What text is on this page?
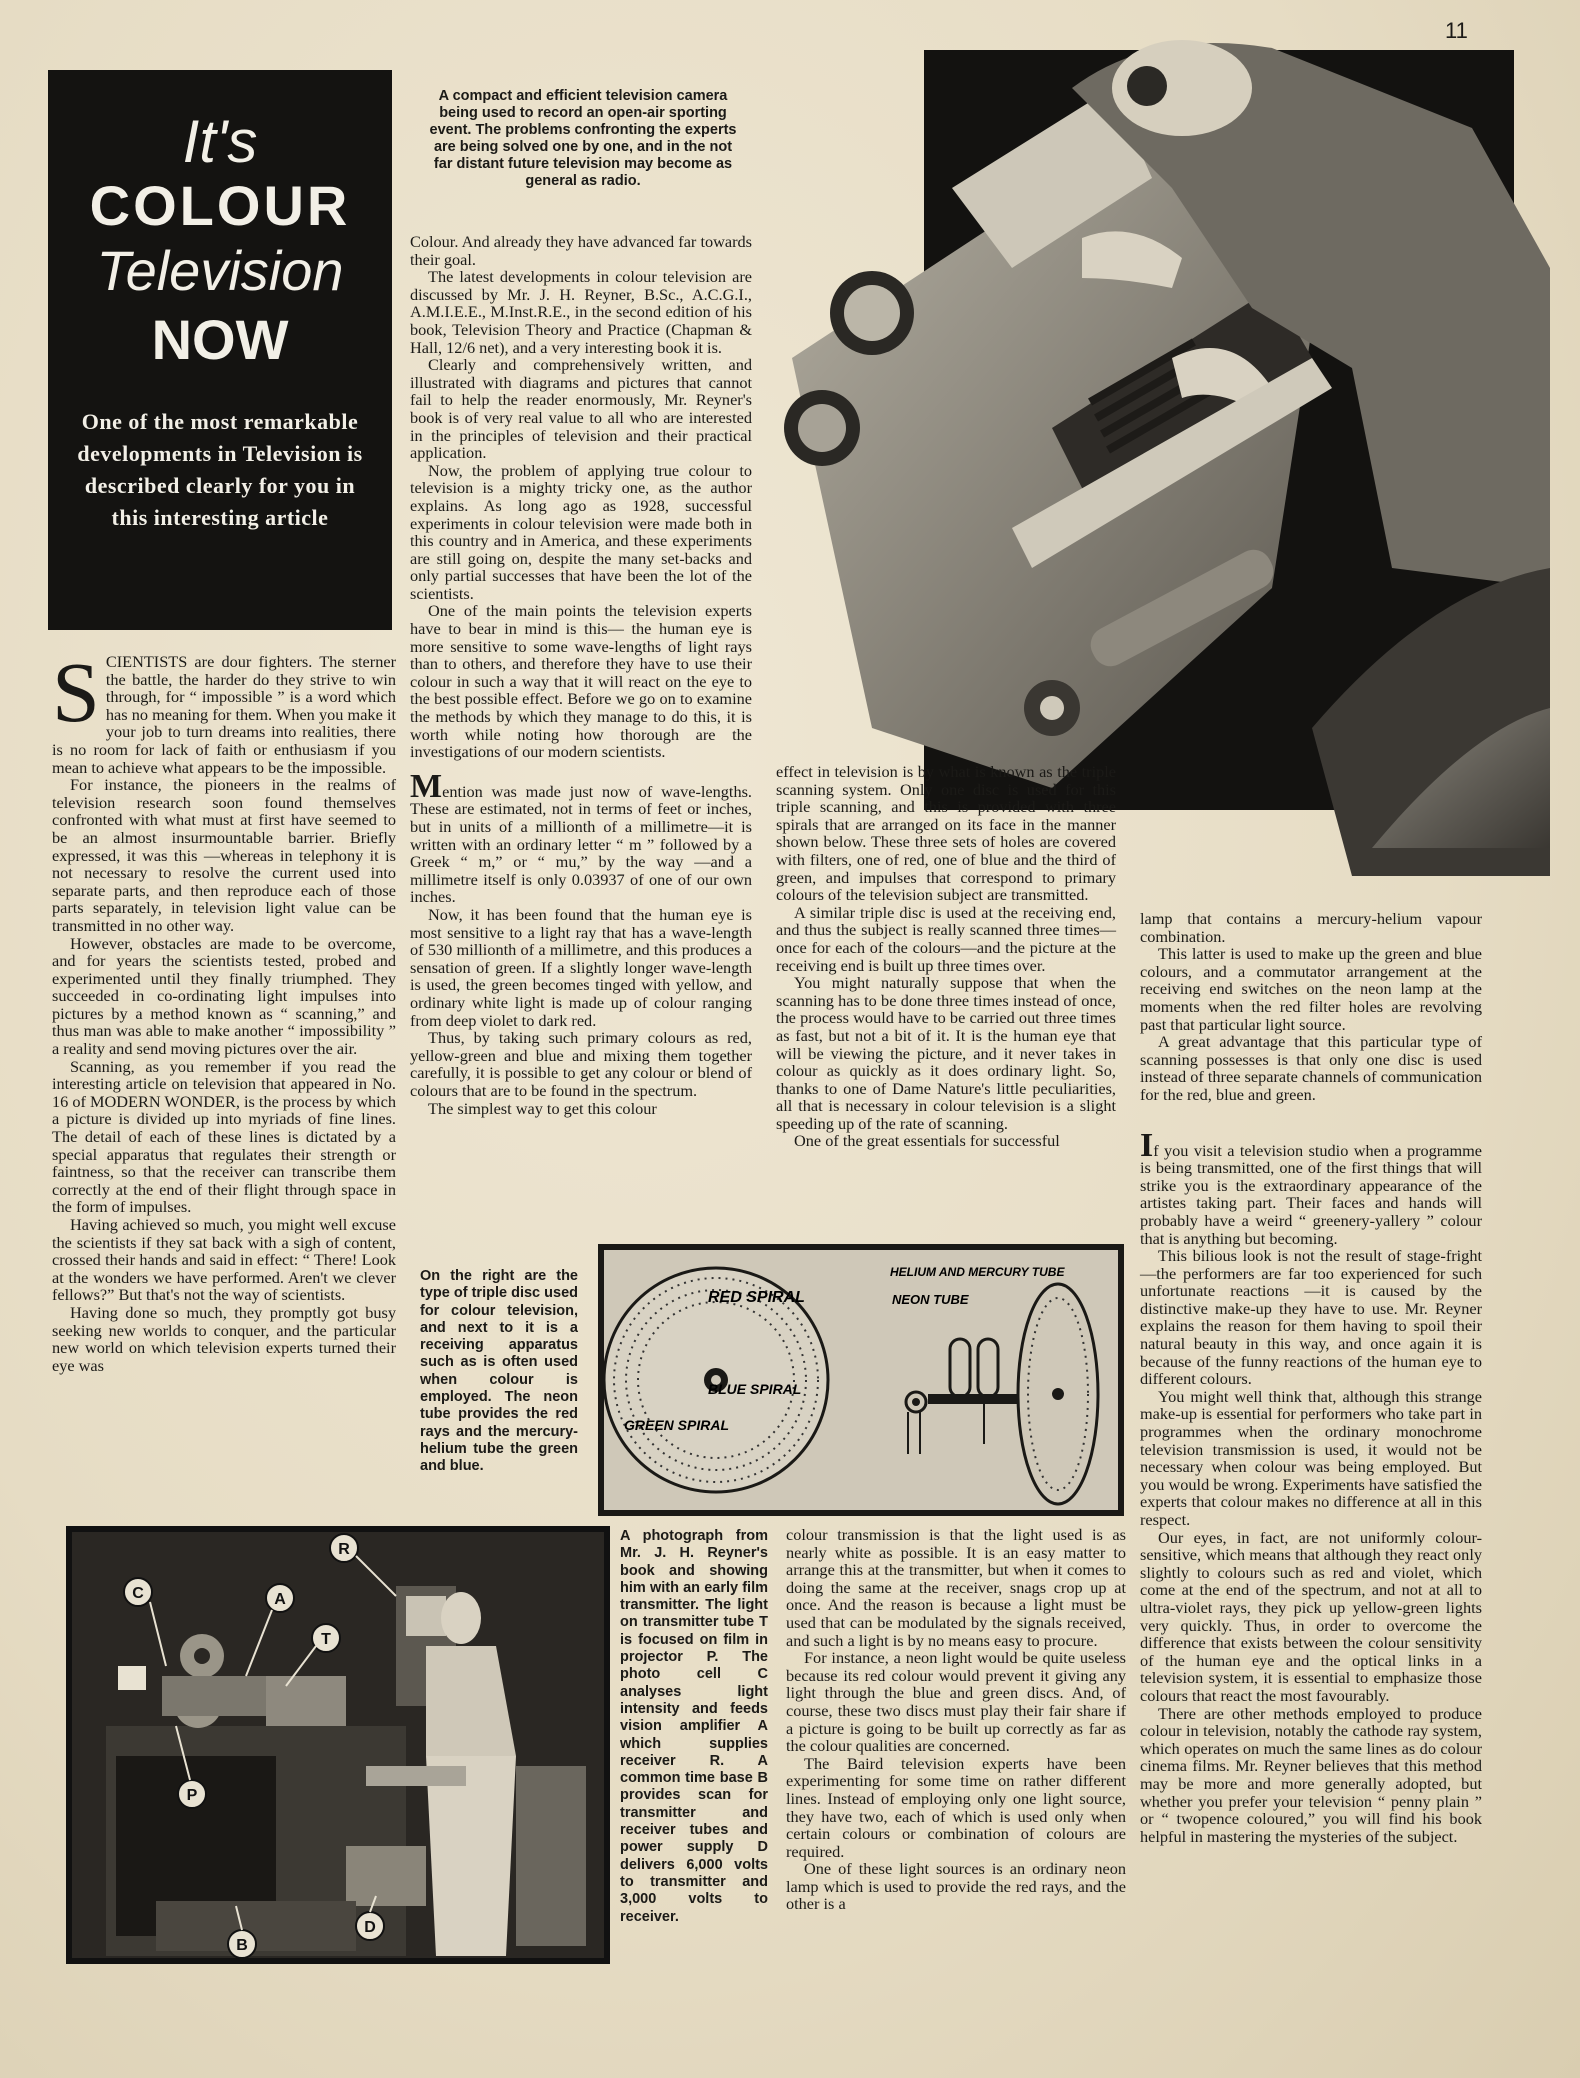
11
It's
COLOUR
Television
NOW
One of the most remarkable developments in Television is described clearly for you in this interesting article
A compact and efficient television camera being used to record an open-air sporting event. The problems confronting the experts are being solved one by one, and in the not far distant future television may become as general as radio.

SCIENTISTS are dour fighters. The sterner the battle, the harder do they strive to win through, for “ impossible ” is a word which has no meaning for them. When you make it your job to turn dreams into realities, there is no room for lack of faith or enthusiasm if you mean to achieve what appears to be the impossible.

For instance, the pioneers in the realms of television research soon found themselves confronted with what must at first have seemed to be an almost insurmountable barrier. Briefly expressed, it was this —whereas in telephony it is not necessary to resolve the current used into separate parts, and then reproduce each of those parts separately, in television light value can be transmitted in no other way.

However, obstacles are made to be overcome, and for years the scientists tested, probed and experimented until they finally triumphed. They succeeded in co-ordinating light impulses into pictures by a method known as “ scanning,” and thus man was able to make another “ impossibility ” a reality and send moving pictures over the air.

Scanning, as you remember if you read the interesting article on television that appeared in No. 16 of MODERN WONDER, is the process by which a picture is divided up into myriads of fine lines. The detail of each of these lines is dictated by a special apparatus that regulates their strength or faintness, so that the receiver can transcribe them correctly at the end of their flight through space in the form of impulses.

Having achieved so much, you might well excuse the scientists if they sat back with a sigh of content, crossed their hands and said in effect: “ There! Look at the wonders we have performed. Aren't we clever fellows?” But that's not the way of scientists.

Having done so much, they promptly got busy seeking new worlds to conquer, and the particular new world on which television experts turned their eye was

Colour. And already they have advanced far towards their goal.

The latest developments in colour television are discussed by Mr. J. H. Reyner, B.Sc., A.C.G.I., A.M.I.E.E., M.Inst.R.E., in the second edition of his book, Television Theory and Practice (Chapman & Hall, 12/6 net), and a very interesting book it is.

Clearly and comprehensively written, and illustrated with diagrams and pictures that cannot fail to help the reader enormously, Mr. Reyner's book is of very real value to all who are interested in the principles of television and their practical application.

Now, the problem of applying true colour to television is a mighty tricky one, as the author explains. As long ago as 1928, successful experiments in colour television were made both in this country and in America, and these experiments are still going on, despite the many set-backs and only partial successes that have been the lot of the scientists.

One of the main points the television experts have to bear in mind is this— the human eye is more sensitive to some wave-lengths of light rays than to others, and therefore they have to use their colour in such a way that it will react on the eye to the best possible effect. Before we go on to examine the methods by which they manage to do this, it is worth while noting how thorough are the investigations of our modern scientists.

Mention was made just now of wave-lengths. These are estimated, not in terms of feet or inches, but in units of a millionth of a millimetre—it is written with an ordinary letter “ m ” followed by a Greek “ m,” or “ mu,” by the way —and a millimetre itself is only 0.03937 of one of our own inches.

Now, it has been found that the human eye is most sensitive to a light ray that has a wave-length of 530 millionth of a millimetre, and this produces a sensation of green. If a slightly longer wave-length is used, the green becomes tinged with yellow, and ordinary white light is made up of colour ranging from deep violet to dark red.

Thus, by taking such primary colours as red, yellow-green and blue and mixing them together carefully, it is possible to get any colour or blend of colours that are to be found in the spectrum.

The simplest way to get this colour

effect in television is by what is known as the triple scanning system. Only one disc is used for this triple scanning, and this is provided with three spirals that are arranged on its face in the manner shown below. These three sets of holes are covered with filters, one of red, one of blue and the third of green, and impulses that correspond to primary colours of the television subject are transmitted.

A similar triple disc is used at the receiving end, and thus the subject is really scanned three times—once for each of the colours—and the picture at the receiving end is built up three times over.

You might naturally suppose that when the scanning has to be done three times instead of once, the process would have to be carried out three times as fast, but not a bit of it. It is the human eye that will be viewing the picture, and it never takes in colour as quickly as it does ordinary light. So, thanks to one of Dame Nature's little peculiarities, all that is necessary in colour television is a slight speeding up of the rate of scanning.

One of the great essentials for successful

lamp that contains a mercury-helium vapour combination.

This latter is used to make up the green and blue colours, and a commutator arrangement at the receiving end switches on the neon lamp at the moments when the red filter holes are revolving past that particular light source.

A great advantage that this particular type of scanning possesses is that only one disc is used instead of three separate channels of communication for the red, blue and green.

If you visit a television studio when a programme is being transmitted, one of the first things that will strike you is the extraordinary appearance of the artistes taking part. Their faces and hands will probably have a weird “ greenery-yallery ” colour that is anything but becoming.

This bilious look is not the result of stage-fright—the performers are far too experienced for such unfortunate reactions —it is caused by the distinctive make-up they have to use. Mr. Reyner explains the reason for them having to spoil their natural beauty in this way, and once again it is because of the funny reactions of the human eye to different colours.

You might well think that, although this strange make-up is essential for performers who take part in programmes when the ordinary monochrome television transmission is used, it would not be necessary when colour was being employed. But you would be wrong. Experiments have satisfied the experts that colour makes no difference at all in this respect.

Our eyes, in fact, are not uniformly colour-sensitive, which means that although they react only slightly to colours such as red and violet, which come at the end of the spectrum, and not at all to ultra-violet rays, they pick up yellow-green lights very quickly. Thus, in order to overcome the difference that exists between the colour sensitivity of the human eye and the optical links in a television system, it is essential to emphasize those colours that react the most favourably.

There are other methods employed to produce colour in television, notably the cathode ray system, which operates on much the same lines as do colour cinema films. Mr. Reyner believes that this method may be more and more generally adopted, but whether you prefer your television “ penny plain ” or “ twopence coloured,” you will find his book helpful in mastering the mysteries of the subject.

On the right are the type of triple disc used for colour television, and next to it is a receiving apparatus such as is often used when colour is employed. The neon tube provides the red rays and the mercury-helium tube the green and blue.
RED SPIRAL
BLUE SPIRAL
GREEN SPIRAL
HELIUM AND MERCURY TUBE
NEON TUBE
R
C	A
T
P
B
D
A photograph from Mr. J. H. Reyner's book and showing him with an early film transmitter. The light on transmitter tube T is focused on film in projector P. The photo cell C analyses light intensity and feeds vision amplifier A which supplies receiver R. A common time base B provides scan for transmitter and receiver tubes and power supply D delivers 6,000 volts to transmitter and 3,000 volts to receiver.

colour transmission is that the light used is as nearly white as possible. It is an easy matter to arrange this at the transmitter, but when it comes to doing the same at the receiver, snags crop up at once. And the reason is because a light must be used that can be modulated by the signals received, and such a light is by no means easy to procure.

For instance, a neon light would be quite useless because its red colour would prevent it giving any light through the blue and green discs. And, of course, these two discs must play their fair share if a picture is going to be built up correctly as far as the colour qualities are concerned.

The Baird television experts have been experimenting for some time on rather different lines. Instead of employing only one light source, they have two, each of which is used only when certain colours or combination of colours are required.

One of these light sources is an ordinary neon lamp which is used to provide the red rays, and the other is a
